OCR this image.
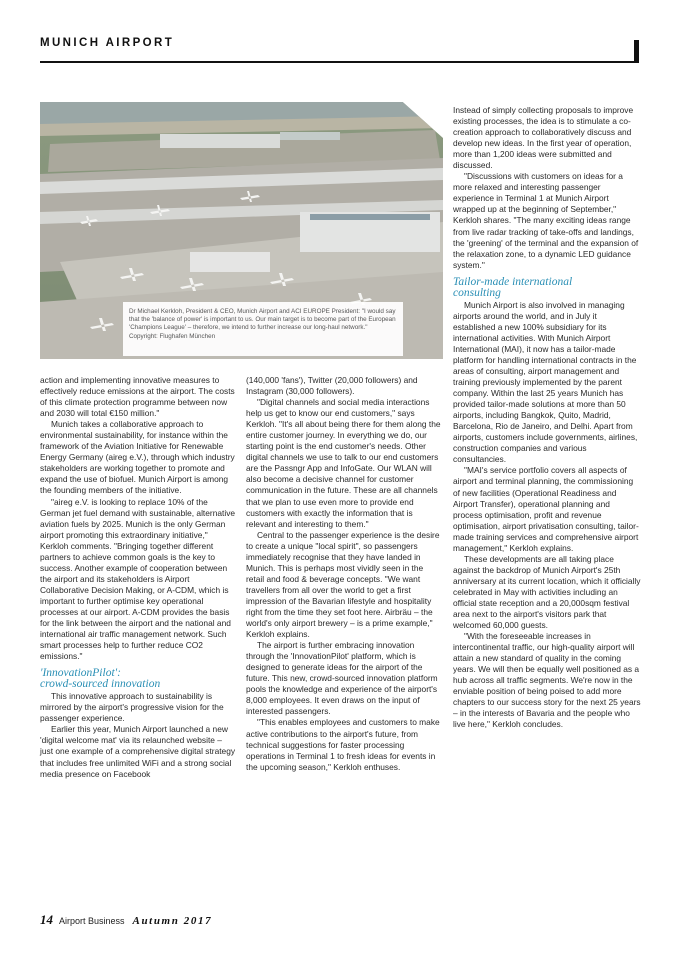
MUNICH AIRPORT
Dr Michael Kerkloh, President & CEO, Munich Airport and ACI EUROPE President: "I would say that the 'balance of power' is important to us. Our main target is to become part of the European 'Champions League' – therefore, we intend to further increase our long-haul network." Copyright: Flughafen München

action and implementing innovative measures to effectively reduce emissions at the airport. The costs of this climate protection programme between now and 2030 will total €150 million."

Munich takes a collaborative approach to environmental sustainability, for instance within the framework of the Aviation Initiative for Renewable Energy Germany (aireg e.V.), through which industry stakeholders are working together to promote and expand the use of biofuel. Munich Airport is among the founding members of the initiative.

"aireg e.V. is looking to replace 10% of the German jet fuel demand with sustainable, alternative aviation fuels by 2025. Munich is the only German airport promoting this extraordinary initiative," Kerkloh comments. "Bringing together different partners to achieve common goals is the key to success. Another example of cooperation between the airport and its stakeholders is Airport Collaborative Decision Making, or A-CDM, which is important to further optimise key operational processes at our airport. A-CDM provides the basis for the link between the airport and the national and international air traffic management network. Such smart processes help to further reduce CO2 emissions."

'InnovationPilot':
crowd-sourced innovation

This innovative approach to sustainability is mirrored by the airport's progressive vision for the passenger experience.

Earlier this year, Munich Airport launched a new 'digital welcome mat' via its relaunched website – just one example of a comprehensive digital strategy that includes free unlimited WiFi and a strong social media presence on Facebook

(140,000 'fans'), Twitter (20,000 followers) and Instagram (30,000 followers).

"Digital channels and social media interactions help us get to know our end customers," says Kerkloh. "It's all about being there for them along the entire customer journey. In everything we do, our starting point is the end customer's needs. Other digital channels we use to talk to our end customers are the Passngr App and InfoGate. Our WLAN will also become a decisive channel for customer communication in the future. These are all channels that we plan to use even more to provide end customers with exactly the information that is relevant and interesting to them."

Central to the passenger experience is the desire to create a unique "local spirit", so passengers immediately recognise that they have landed in Munich. This is perhaps most vividly seen in the retail and food & beverage concepts. "We want travellers from all over the world to get a first impression of the Bavarian lifestyle and hospitality right from the time they set foot here. Airbräu – the world's only airport brewery – is a prime example," Kerkloh explains.

The airport is further embracing innovation through the 'InnovationPilot' platform, which is designed to generate ideas for the airport of the future. This new, crowd-sourced innovation platform pools the knowledge and experience of the airport's 8,000 employees. It even draws on the input of interested passengers.

"This enables employees and customers to make active contributions to the airport's future, from technical suggestions for faster processing operations in Terminal 1 to fresh ideas for events in the upcoming season," Kerkloh enthuses.

Instead of simply collecting proposals to improve existing processes, the idea is to stimulate a co-creation approach to collaboratively discuss and develop new ideas. In the first year of operation, more than 1,200 ideas were submitted and discussed.

"Discussions with customers on ideas for a more relaxed and interesting passenger experience in Terminal 1 at Munich Airport wrapped up at the beginning of September," Kerkloh shares. "The many exciting ideas range from live radar tracking of take-offs and landings, the 'greening' of the terminal and the expansion of the relaxation zone, to a dynamic LED guidance system."

Tailor-made international
consulting

Munich Airport is also involved in managing airports around the world, and in July it established a new 100% subsidiary for its international activities. With Munich Airport International (MAI), it now has a tailor-made platform for handling international contracts in the areas of consulting, airport management and training previously implemented by the parent company. Within the last 25 years Munich has provided tailor-made solutions at more than 50 airports, including Bangkok, Quito, Madrid, Barcelona, Rio de Janeiro, and Delhi. Apart from airports, customers include governments, airlines, construction companies and various consultancies.

"MAI's service portfolio covers all aspects of airport and terminal planning, the commissioning of new facilities (Operational Readiness and Airport Transfer), operational planning and process optimisation, profit and revenue optimisation, airport privatisation consulting, tailor-made training services and comprehensive airport management," Kerkloh explains.

These developments are all taking place against the backdrop of Munich Airport's 25th anniversary at its current location, which it officially celebrated in May with activities including an official state reception and a 20,000sqm festival area next to the airport's visitors park that welcomed 60,000 guests.

"With the foreseeable increases in intercontinental traffic, our high-quality airport will attain a new standard of quality in the coming years. We will then be equally well positioned as a hub across all traffic segments. We're now in the enviable position of being poised to add more chapters to our success story for the next 25 years – in the interests of Bavaria and the people who live here," Kerkloh concludes.

14 Airport Business Autumn 2017
